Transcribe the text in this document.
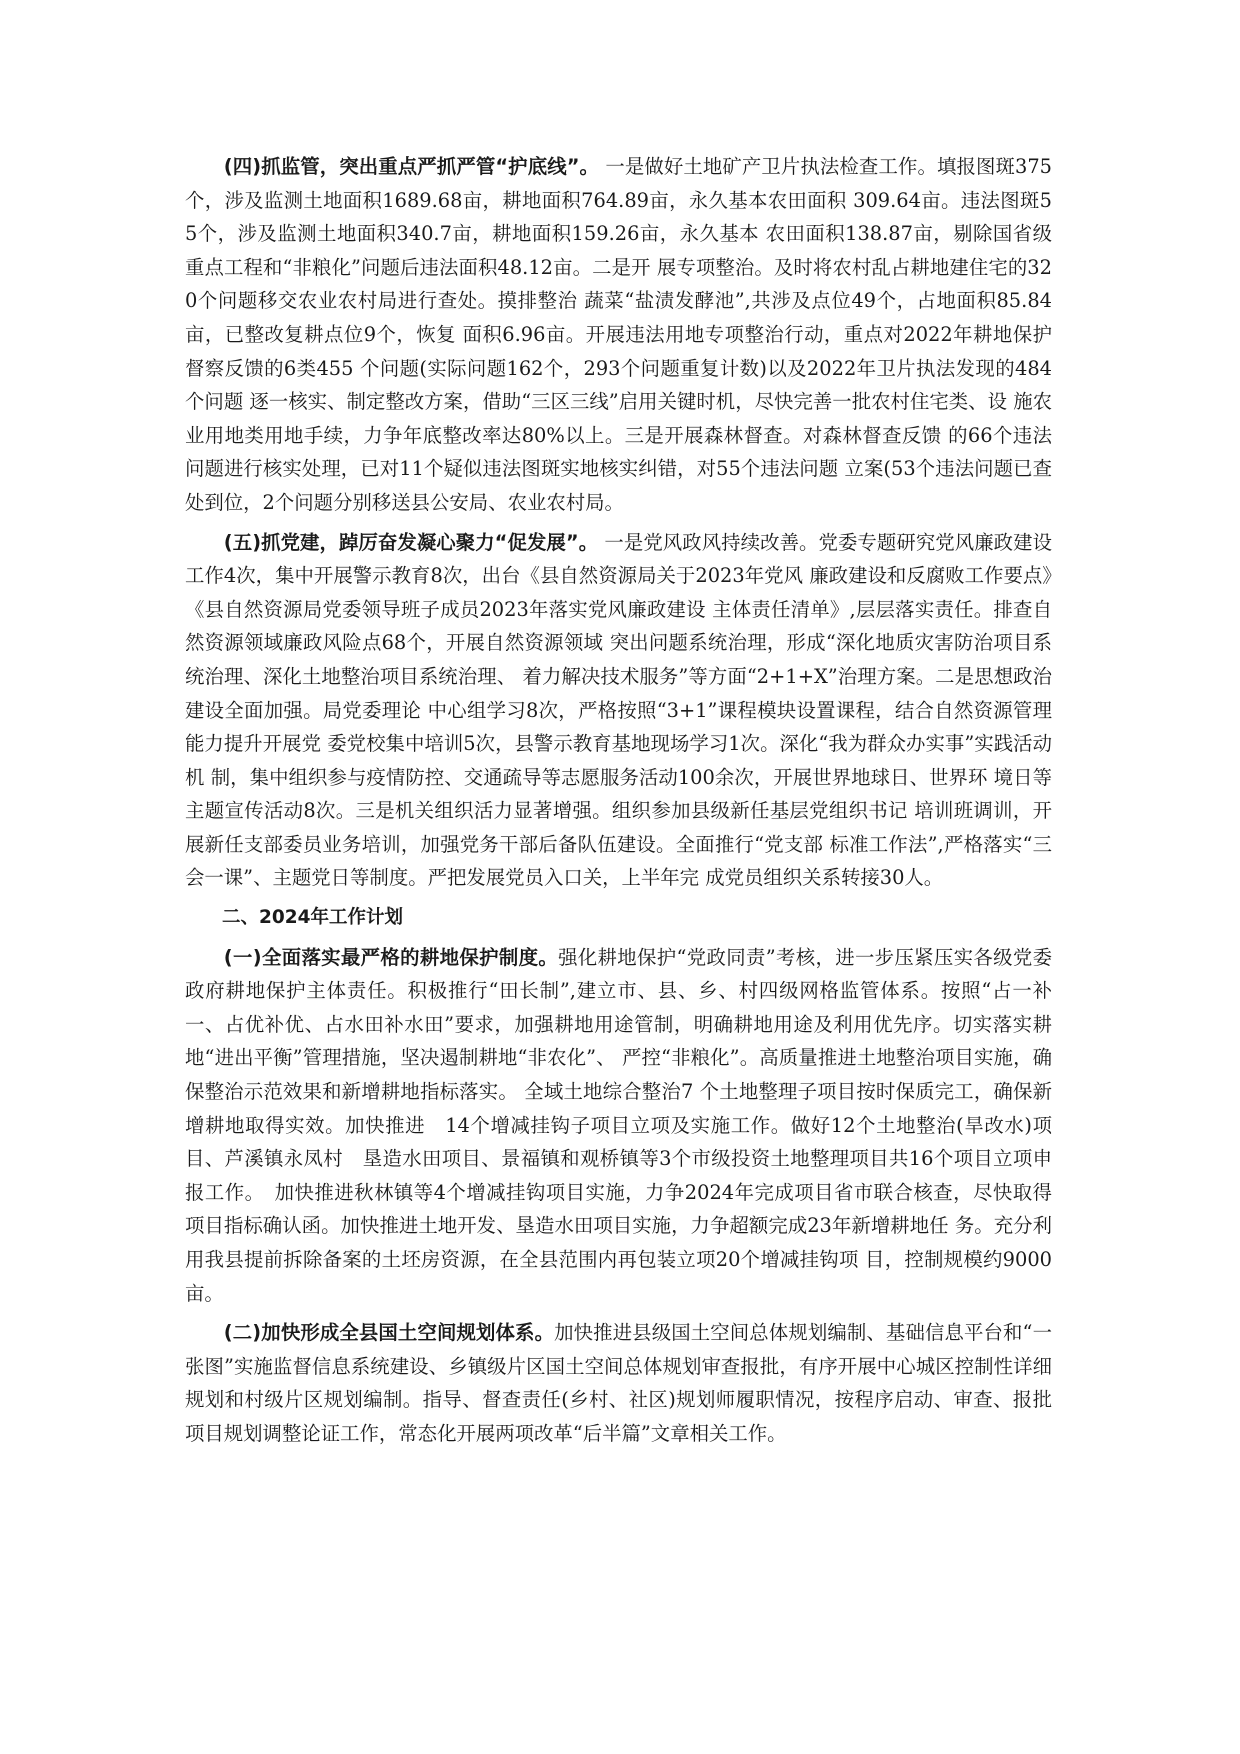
(四)抓监管，突出重点严抓严管“护底线”。 一是做好土地矿产卫片执法检查工作。填报图斑375个，涉及监测土地面积1689.68亩，耕地面积764.89亩，永久基本农田面积 309.64亩。违法图斑55个，涉及监测土地面积340.7亩，耕地面积159.26亩，永久基本 农田面积138.87亩，剔除国省级重点工程和“非粮化”问题后违法面积48.12亩。二是开 展专项整治。及时将农村乱占耕地建住宅的320个问题移交农业农村局进行查处。摸排整治 蔬菜“盐渍发酵池”,共涉及点位49个，占地面积85.84亩，已整改复耕点位9个，恢复 面积6.96亩。开展违法用地专项整治行动，重点对2022年耕地保护督察反馈的6类455 个问题(实际问题162个，293个问题重复计数)以及2022年卫片执法发现的484个问题 逐一核实、制定整改方案，借助“三区三线”启用关键时机，尽快完善一批农村住宅类、设 施农业用地类用地手续，力争年底整改率达80%以上。三是开展森林督查。对森林督查反馈 的66个违法问题进行核实处理，已对11个疑似违法图斑实地核实纠错，对55个违法问题 立案(53个违法问题已查处到位，2个问题分别移送县公安局、农业农村局。

(五)抓党建，踔厉奋发凝心聚力“促发展”。 一是党风政风持续改善。党委专题研究党风廉政建设工作4次，集中开展警示教育8次，出台《县自然资源局关于2023年党风 廉政建设和反腐败工作要点》　《县自然资源局党委领导班子成员2023年落实党风廉政建设 主体责任清单》,层层落实责任。排查自然资源领域廉政风险点68个，开展自然资源领域 突出问题系统治理，形成“深化地质灾害防治项目系统治理、深化土地整治项目系统治理、 着力解决技术服务”等方面“2+1+X”治理方案。二是思想政治建设全面加强。局党委理论 中心组学习8次，严格按照“3+1”课程模块设置课程，结合自然资源管理能力提升开展党 委党校集中培训5次，县警示教育基地现场学习1次。深化“我为群众办实事”实践活动机 制，集中组织参与疫情防控、交通疏导等志愿服务活动100余次，开展世界地球日、世界环 境日等主题宣传活动8次。三是机关组织活力显著增强。组织参加县级新任基层党组织书记 培训班调训，开展新任支部委员业务培训，加强党务干部后备队伍建设。全面推行“党支部 标准工作法”,严格落实“三会一课”、主题党日等制度。严把发展党员入口关，上半年完 成党员组织关系转接30人。

二、2024年工作计划

(一)全面落实最严格的耕地保护制度。强化耕地保护“党政同责”考核，进一步压紧压实各级党委政府耕地保护主体责任。积极推行“田长制”,建立市、县、乡、村四级网格监管体系。按照“占一补一、占优补优、占水田补水田”要求，加强耕地用途管制，明确耕地用途及利用优先序。切实落实耕地“进出平衡”管理措施，坚决遏制耕地“非农化”、 严控“非粮化”。高质量推进土地整治项目实施，确保整治示范效果和新增耕地指标落实。 全域土地综合整治7 个土地整理子项目按时保质完工，确保新增耕地取得实效。加快推进　14个增减挂钩子项目立项及实施工作。做好12个土地整治(旱改水)项目、芦溪镇永凤村　垦造水田项目、景福镇和观桥镇等3个市级投资土地整理项目共16个项目立项申报工作。　加快推进秋林镇等4个增减挂钩项目实施，力争2024年完成项目省市联合核查，尽快取得　项目指标确认函。加快推进土地开发、垦造水田项目实施，力争超额完成23年新增耕地任 务。充分利用我县提前拆除备案的土坯房资源，在全县范围内再包装立项20个增减挂钩项 目，控制规模约9000亩。

(二)加快形成全县国土空间规划体系。加快推进县级国土空间总体规划编制、基础信息平台和“一张图”实施监督信息系统建设、乡镇级片区国土空间总体规划审查报批，有序开展中心城区控制性详细规划和村级片区规划编制。指导、督查责任(乡村、社区)规划师履职情况，按程序启动、审查、报批项目规划调整论证工作，常态化开展两项改革“后半篇”文章相关工作。
